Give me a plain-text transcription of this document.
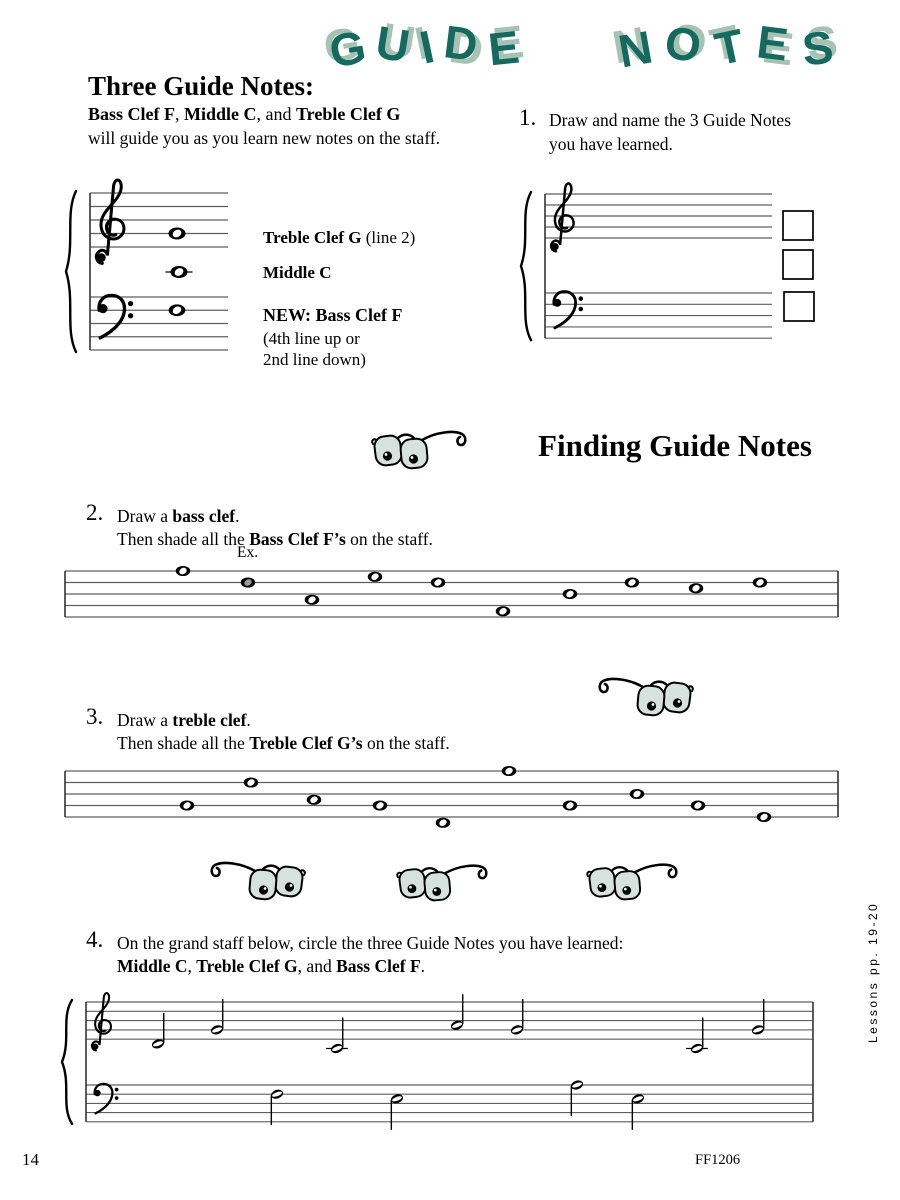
G U I D E N O T E S
Three Guide Notes:
Bass Clef F, Middle C, and Treble Clef G
will guide you as you learn new notes on the staff.
Treble Clef G (line 2)
Middle C
NEW: Bass Clef F
(4th line up or
2nd line down)
1. Draw and name the 3 Guide Notes
you have learned.
Finding Guide Notes
2. Draw a bass clef.
Then shade all the Bass Clef F’s on the staff.
Ex.
3. Draw a treble clef.
Then shade all the Treble Clef G’s on the staff.
4. On the grand staff below, circle the three Guide Notes you have learned:
Middle C, Treble Clef G, and Bass Clef F.	Lessons pp. 19-20
14	FF1206
